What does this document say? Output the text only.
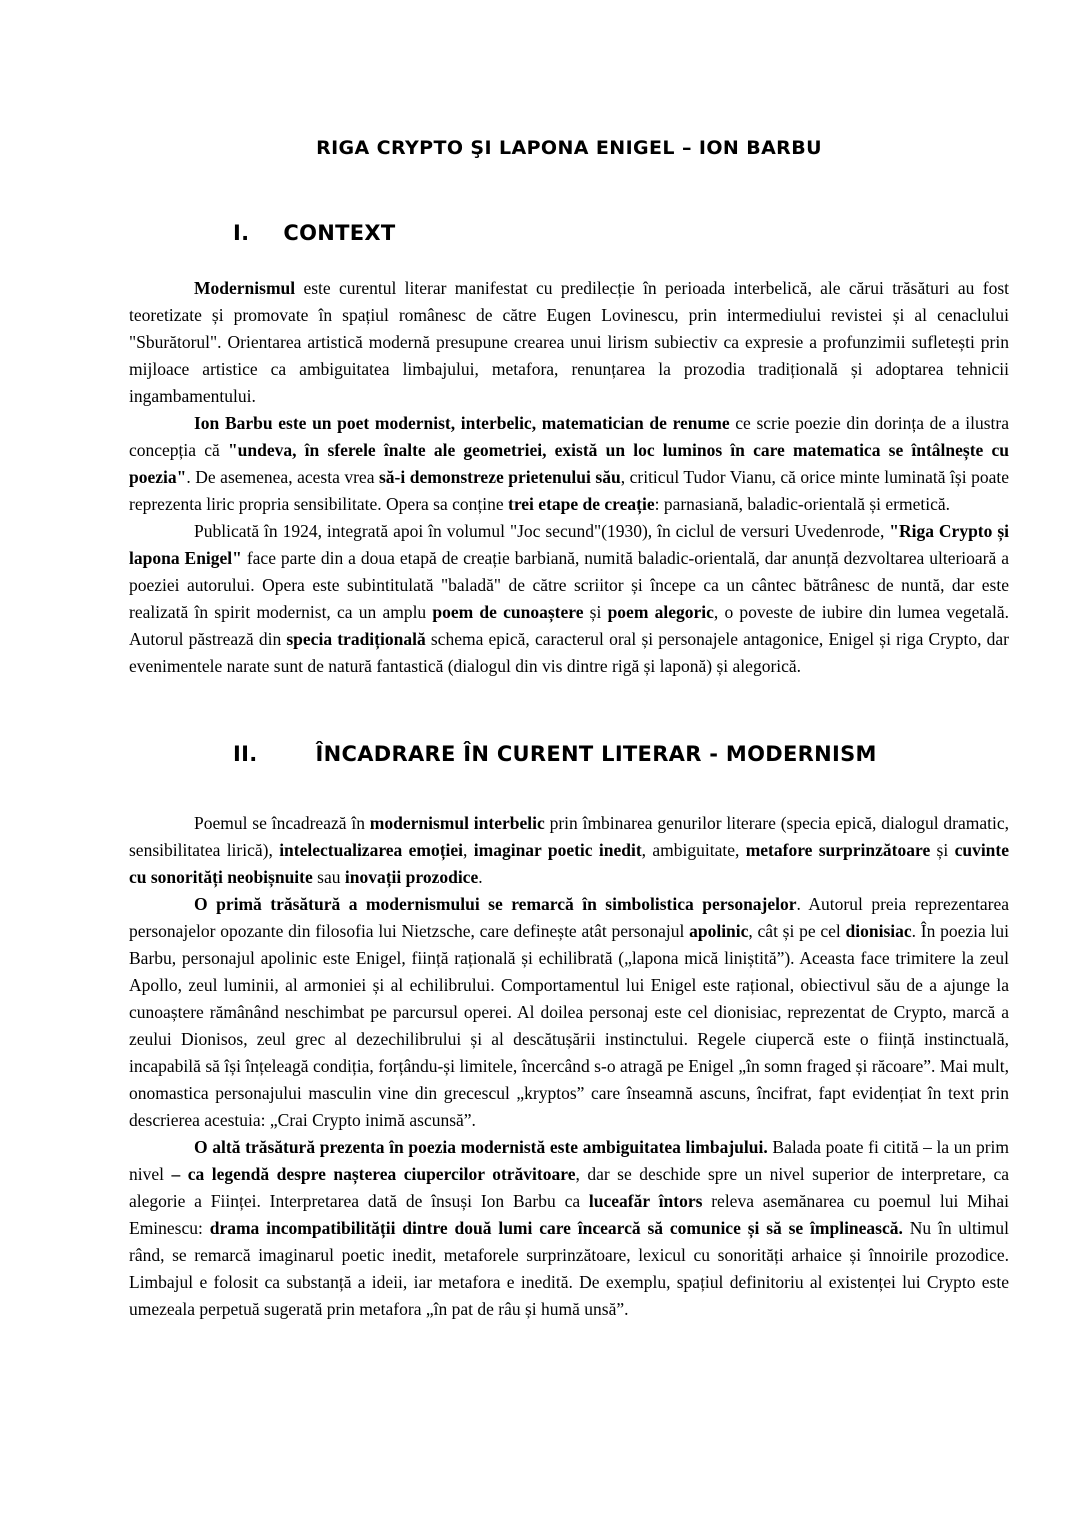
RIGA CRYPTO ŞI LAPONA ENIGEL – ION BARBU
I. CONTEXT

Modernismul este curentul literar manifestat cu predilecție în perioada interbelică, ale cărui trăsături au fost teoretizate și promovate în spațiul românesc de către Eugen Lovinescu, prin intermediului revistei și al cenaclului "Sburătorul". Orientarea artistică modernă presupune crearea unui lirism subiectiv ca expresie a profunzimii sufletești prin mijloace artistice ca ambiguitatea limbajului, metafora, renunțarea la prozodia tradițională și adoptarea tehnicii ingambamentului.

Ion Barbu este un poet modernist, interbelic, matematician de renume ce scrie poezie din dorința de a ilustra concepția că "undeva, în sferele înalte ale geometriei, există un loc luminos în care matematica se întâlnește cu poezia". De asemenea, acesta vrea să-i demonstreze prietenului său, criticul Tudor Vianu, că orice minte luminată își poate reprezenta liric propria sensibilitate. Opera sa conține trei etape de creație: parnasiană, baladic-orientală și ermetică.

Publicată în 1924, integrată apoi în volumul "Joc secund"(1930), în ciclul de versuri Uvedenrode, "Riga Crypto și lapona Enigel" face parte din a doua etapă de creație barbiană, numită baladic-orientală, dar anunță dezvoltarea ulterioară a poeziei autorului. Opera este subintitulată "baladă" de către scriitor și începe ca un cântec bătrânesc de nuntă, dar este realizată în spirit modernist, ca un amplu poem de cunoaștere și poem alegoric, o poveste de iubire din lumea vegetală. Autorul păstrează din specia tradițională schema epică, caracterul oral și personajele antagonice, Enigel și riga Crypto, dar evenimentele narate sunt de natură fantastică (dialogul din vis dintre rigă și laponă) și alegorică.

II.	ÎNCADRARE ÎN CURENT LITERAR - MODERNISM

Poemul se încadrează în modernismul interbelic prin îmbinarea genurilor literare (specia epică, dialogul dramatic, sensibilitatea lirică), intelectualizarea emoției, imaginar poetic inedit, ambiguitate, metafore surprinzătoare și cuvinte cu sonorități neobișnuite sau inovații prozodice.

O primă trăsătură a modernismului se remarcă în simbolistica personajelor. Autorul preia reprezentarea personajelor opozante din filosofia lui Nietzsche, care definește atât personajul apolinic, cât și pe cel dionisiac. În poezia lui Barbu, personajul apolinic este Enigel, ființă rațională și echilibrată („lapona mică liniștită”). Aceasta face trimitere la zeul Apollo, zeul luminii, al armoniei și al echilibrului. Comportamentul lui Enigel este rațional, obiectivul său de a ajunge la cunoaștere rămânând neschimbat pe parcursul operei. Al doilea personaj este cel dionisiac, reprezentat de Crypto, marcă a zeului Dionisos, zeul grec al dezechilibrului și al descătușării instinctului. Regele ciupercă este o ființă instinctuală, incapabilă să își înțeleagă condiția, forțându-și limitele, încercând s-o atragă pe Enigel „în somn fraged și răcoare”. Mai mult, onomastica personajului masculin vine din grecescul „kryptos” care înseamnă ascuns, încifrat, fapt evidențiat în text prin descrierea acestuia: „Crai Crypto inimă ascunsă”.

O altă trăsătură prezenta în poezia modernistă este ambiguitatea limbajului. Balada poate fi citită – la un prim nivel – ca legendă despre nașterea ciupercilor otrăvitoare, dar se deschide spre un nivel superior de interpretare, ca alegorie a Ființei. Interpretarea dată de însuși Ion Barbu ca luceafăr întors releva asemănarea cu poemul lui Mihai Eminescu: drama incompatibilității dintre două lumi care încearcă să comunice și să se împlinească. Nu în ultimul rând, se remarcă imaginarul poetic inedit, metaforele surprinzătoare, lexicul cu sonorități arhaice și înnoirile prozodice. Limbajul e folosit ca substanță a ideii, iar metafora e inedită. De exemplu, spațiul definitoriu al existenței lui Crypto este umezeala perpetuă sugerată prin metafora „în pat de râu și humă unsă”.
